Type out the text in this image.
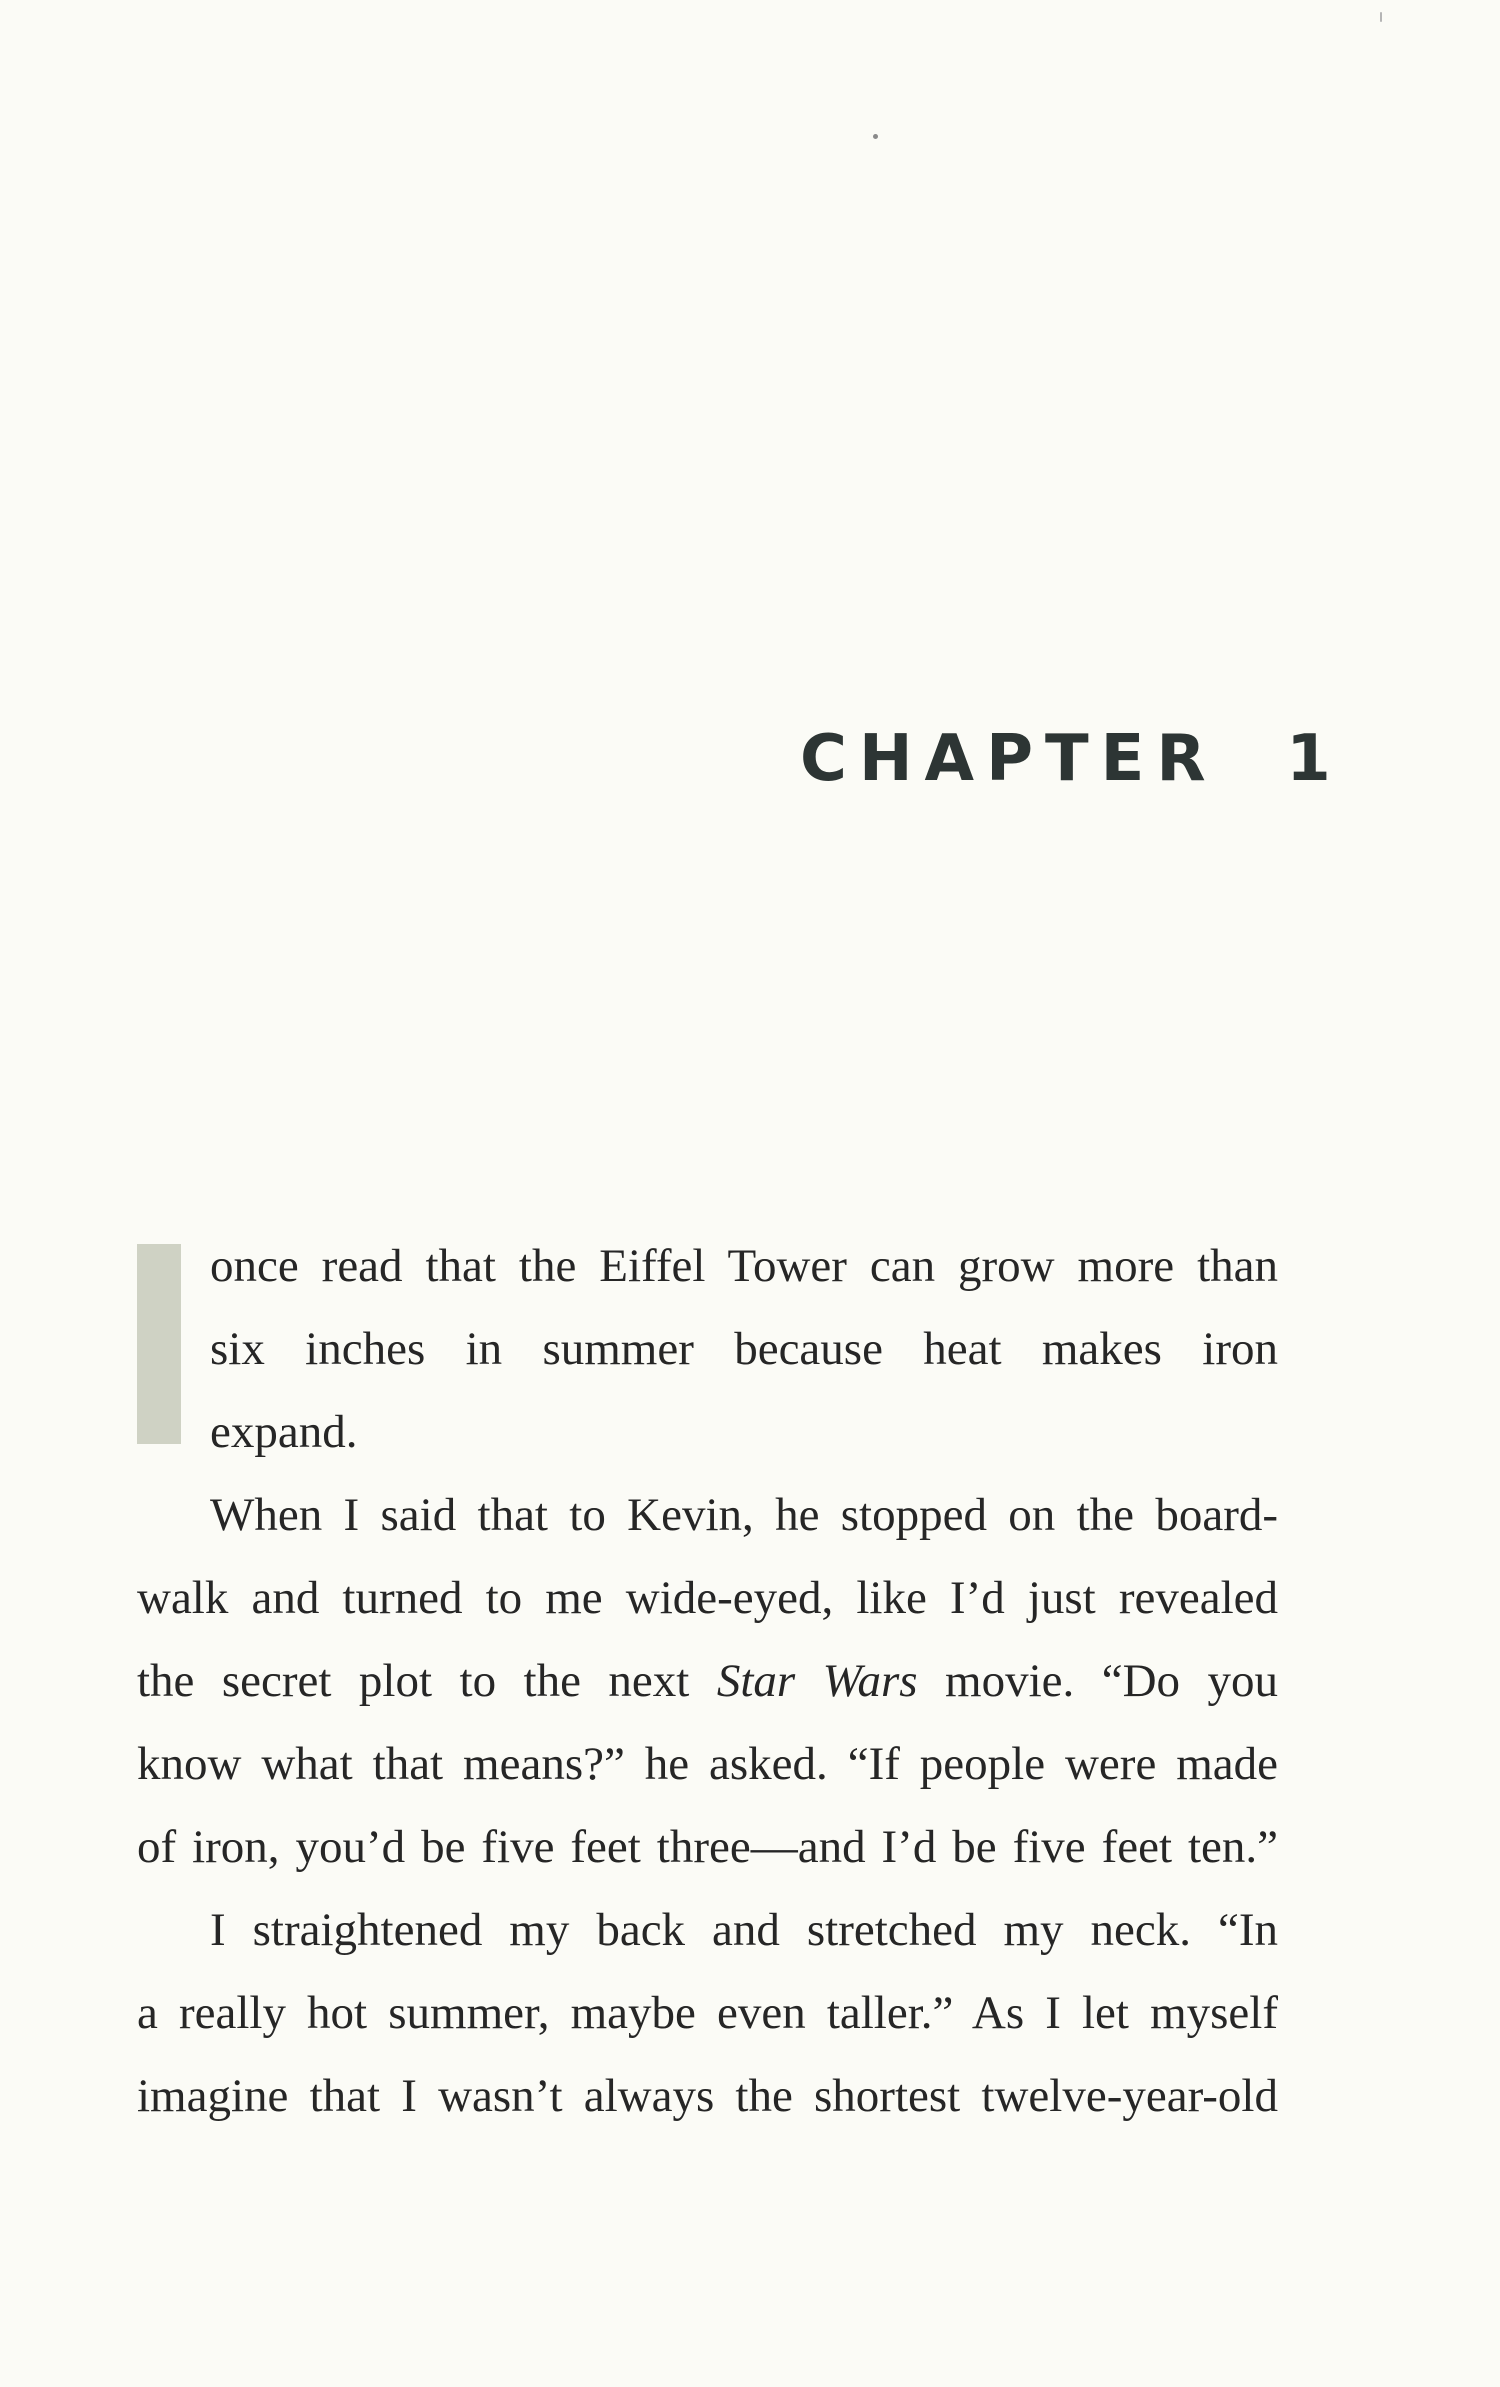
CHAPTER 1
once read that the Eiffel Tower can grow more than
six inches in summer because heat makes iron
expand.
When I said that to Kevin, he stopped on the board-
walk and turned to me wide-eyed, like I’d just revealed
the secret plot to the next Star Wars movie. “Do you
know what that means?” he asked. “If people were made
of iron, you’d be five feet three—and I’d be five feet ten.”
I straightened my back and stretched my neck. “In
a really hot summer, maybe even taller.” As I let myself
imagine that I wasn’t always the shortest twelve-year-old
